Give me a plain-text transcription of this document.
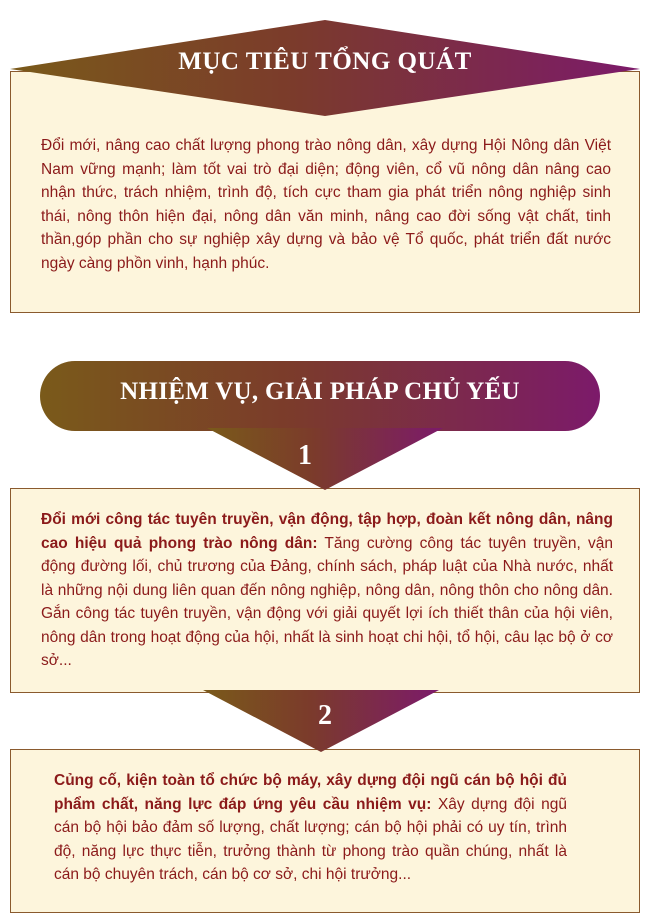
Đổi mới, nâng cao chất lượng phong trào nông dân, xây dựng Hội Nông dân Việt Nam vững mạnh; làm tốt vai trò đại diện; động viên, cổ vũ nông dân nâng cao nhận thức, trách nhiệm, trình độ, tích cực tham gia phát triển nông nghiệp sinh thái, nông thôn hiện đại, nông dân văn minh, nâng cao đời sống vật chất, tinh thần,góp phần cho sự nghiệp xây dựng và bảo vệ Tổ quốc, phát triển đất nước ngày càng phồn vinh, hạnh phúc.

MỤC TIÊU TỔNG QUÁT
NHIỆM VỤ, GIẢI PHÁP CHỦ YẾU

Đổi mới công tác tuyên truyền, vận động, tập hợp, đoàn kết nông dân, nâng cao hiệu quả phong trào nông dân: Tăng cường công tác tuyên truyền, vận động đường lối, chủ trương của Đảng, chính sách, pháp luật của Nhà nước, nhất là những nội dung liên quan đến nông nghiệp, nông dân, nông thôn cho nông dân. Gắn công tác tuyên truyền, vận động với giải quyết lợi ích thiết thân của hội viên, nông dân trong hoạt động của hội, nhất là sinh hoạt chi hội, tổ hội, câu lạc bộ ở cơ sở...

1

Củng cố, kiện toàn tổ chức bộ máy, xây dựng đội ngũ cán bộ hội đủ phẩm chất, năng lực đáp ứng yêu cầu nhiệm vụ: Xây dựng đội ngũ cán bộ hội bảo đảm số lượng, chất lượng; cán bộ hội phải có uy tín, trình độ, năng lực thực tiễn, trưởng thành từ phong trào quần chúng, nhất là cán bộ chuyên trách, cán bộ cơ sở, chi hội trưởng...

2
